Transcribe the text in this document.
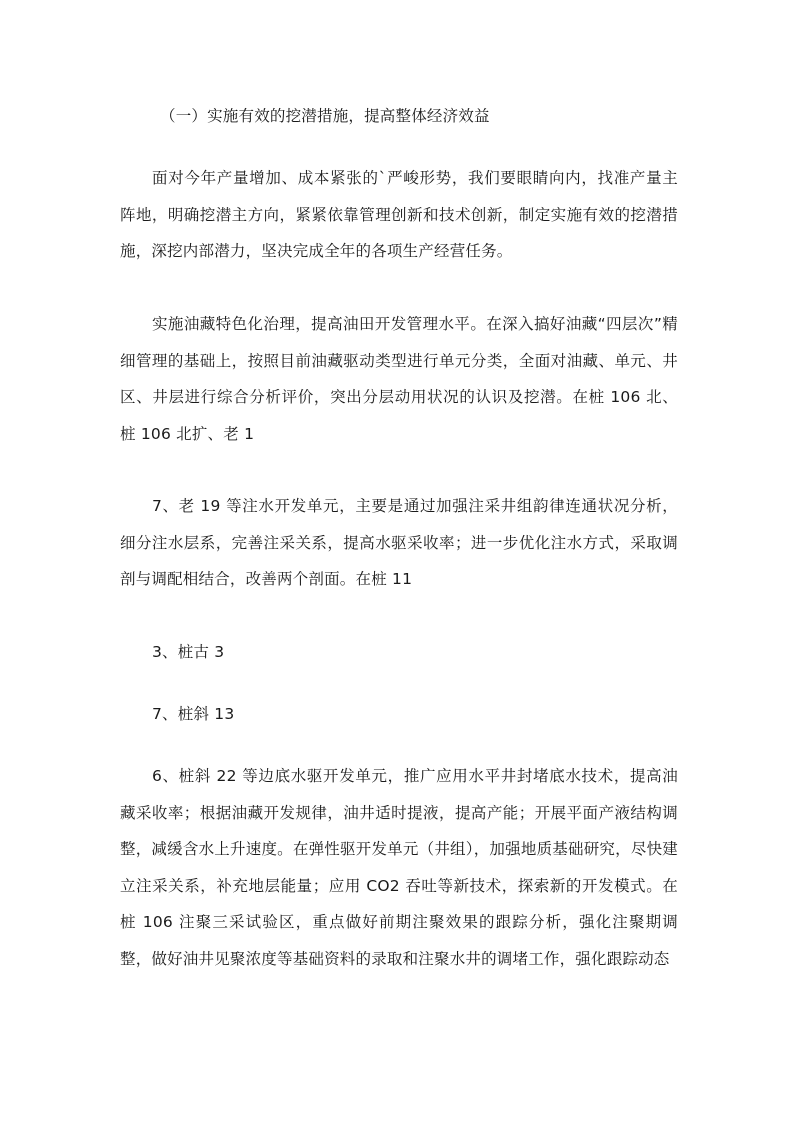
（一）实施有效的挖潜措施，提高整体经济效益

面对今年产量增加、成本紧张的`严峻形势，我们要眼睛向内，找准产量主阵地，明确挖潜主方向，紧紧依靠管理创新和技术创新，制定实施有效的挖潜措施，深挖内部潜力，坚决完成全年的各项生产经营任务。

实施油藏特色化治理，提高油田开发管理水平。在深入搞好油藏“四层次”精细管理的基础上，按照目前油藏驱动类型进行单元分类，全面对油藏、单元、井区、井层进行综合分析评价，突出分层动用状况的认识及挖潜。在桩 106 北、桩 106 北扩、老 1

7、老 19 等注水开发单元，主要是通过加强注采井组韵律连通状况分析，细分注水层系，完善注采关系，提高水驱采收率；进一步优化注水方式，采取调剖与调配相结合，改善两个剖面。在桩 11

3、桩古 3

7、桩斜 13

6、桩斜 22 等边底水驱开发单元，推广应用水平井封堵底水技术，提高油藏采收率；根据油藏开发规律，油井适时提液，提高产能；开展平面产液结构调整，减缓含水上升速度。在弹性驱开发单元（井组），加强地质基础研究，尽快建立注采关系，补充地层能量；应用 CO2 吞吐等新技术，探索新的开发模式。在桩 106 注聚三采试验区，重点做好前期注聚效果的跟踪分析，强化注聚期调整，做好油井见聚浓度等基础资料的录取和注聚水井的调堵工作，强化跟踪动态
